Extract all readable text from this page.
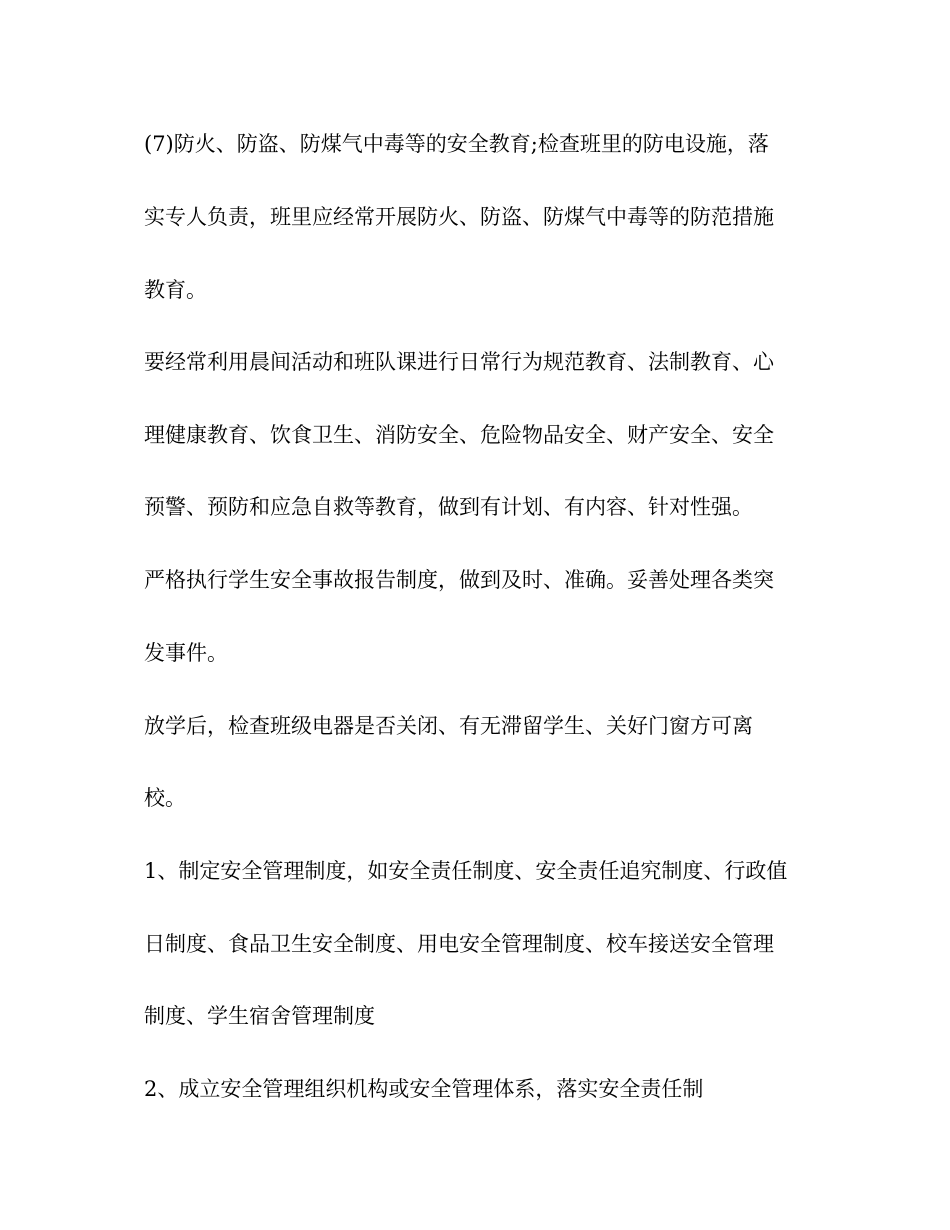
(7)防火、防盗、防煤气中毒等的安全教育;检查班里的防电设施，落

实专人负责，班里应经常开展防火、防盗、防煤气中毒等的防范措施

教育。

要经常利用晨间活动和班队课进行日常行为规范教育、法制教育、心

理健康教育、饮食卫生、消防安全、危险物品安全、财产安全、安全

预警、预防和应急自救等教育，做到有计划、有内容、针对性强。

严格执行学生安全事故报告制度，做到及时、准确。妥善处理各类突

发事件。

放学后，检查班级电器是否关闭、有无滞留学生、关好门窗方可离

校。

1、制定安全管理制度，如安全责任制度、安全责任追究制度、行政值

日制度、食品卫生安全制度、用电安全管理制度、校车接送安全管理

制度、学生宿舍管理制度

2、成立安全管理组织机构或安全管理体系，落实安全责任制
